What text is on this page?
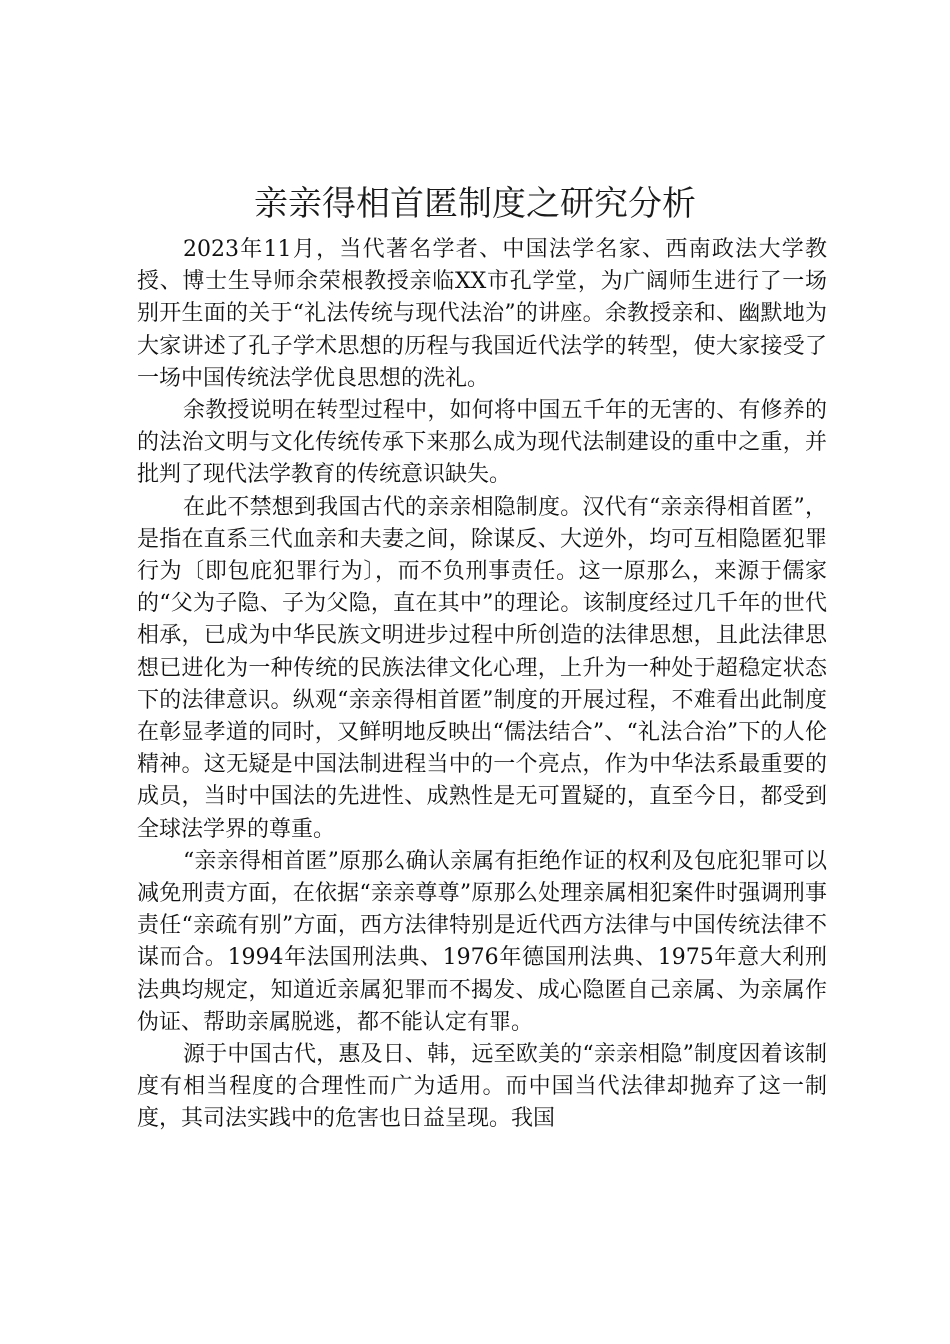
亲亲得相首匿制度之研究分析

2023年11月，当代著名学者、中国法学名家、西南政法大学教授、博士生导师余荣根教授亲临XX市孔学堂，为广阔师生进行了一场别开生面的关于“礼法传统与现代法治”的讲座。余教授亲和、幽默地为大家讲述了孔子学术思想的历程与我国近代法学的转型，使大家接受了一场中国传统法学优良思想的洗礼。

余教授说明在转型过程中，如何将中国五千年的无害的、有修养的的法治文明与文化传统传承下来那么成为现代法制建设的重中之重，并批判了现代法学教育的传统意识缺失。

在此不禁想到我国古代的亲亲相隐制度。汉代有“亲亲得相首匿”，是指在直系三代血亲和夫妻之间，除谋反、大逆外，均可互相隐匿犯罪行为〔即包庇犯罪行为〕，而不负刑事责任。这一原那么，来源于儒家的“父为子隐、子为父隐，直在其中”的理论。该制度经过几千年的世代相承，已成为中华民族文明进步过程中所创造的法律思想，且此法律思想已进化为一种传统的民族法律文化心理，上升为一种处于超稳定状态下的法律意识。纵观“亲亲得相首匿”制度的开展过程，不难看出此制度在彰显孝道的同时，又鲜明地反映出“儒法结合”、“礼法合治”下的人伦精神。这无疑是中国法制进程当中的一个亮点，作为中华法系最重要的成员，当时中国法的先进性、成熟性是无可置疑的，直至今日，都受到全球法学界的尊重。

“亲亲得相首匿”原那么确认亲属有拒绝作证的权利及包庇犯罪可以减免刑责方面，在依据“亲亲尊尊”原那么处理亲属相犯案件时强调刑事责任“亲疏有别”方面，西方法律特别是近代西方法律与中国传统法律不谋而合。1994年法国刑法典、1976年德国刑法典、1975年意大利刑法典均规定，知道近亲属犯罪而不揭发、成心隐匿自己亲属、为亲属作伪证、帮助亲属脱逃，都不能认定有罪。

源于中国古代，惠及日、韩，远至欧美的“亲亲相隐”制度因着该制度有相当程度的合理性而广为适用。而中国当代法律却抛弃了这一制度，其司法实践中的危害也日益呈现。我国
